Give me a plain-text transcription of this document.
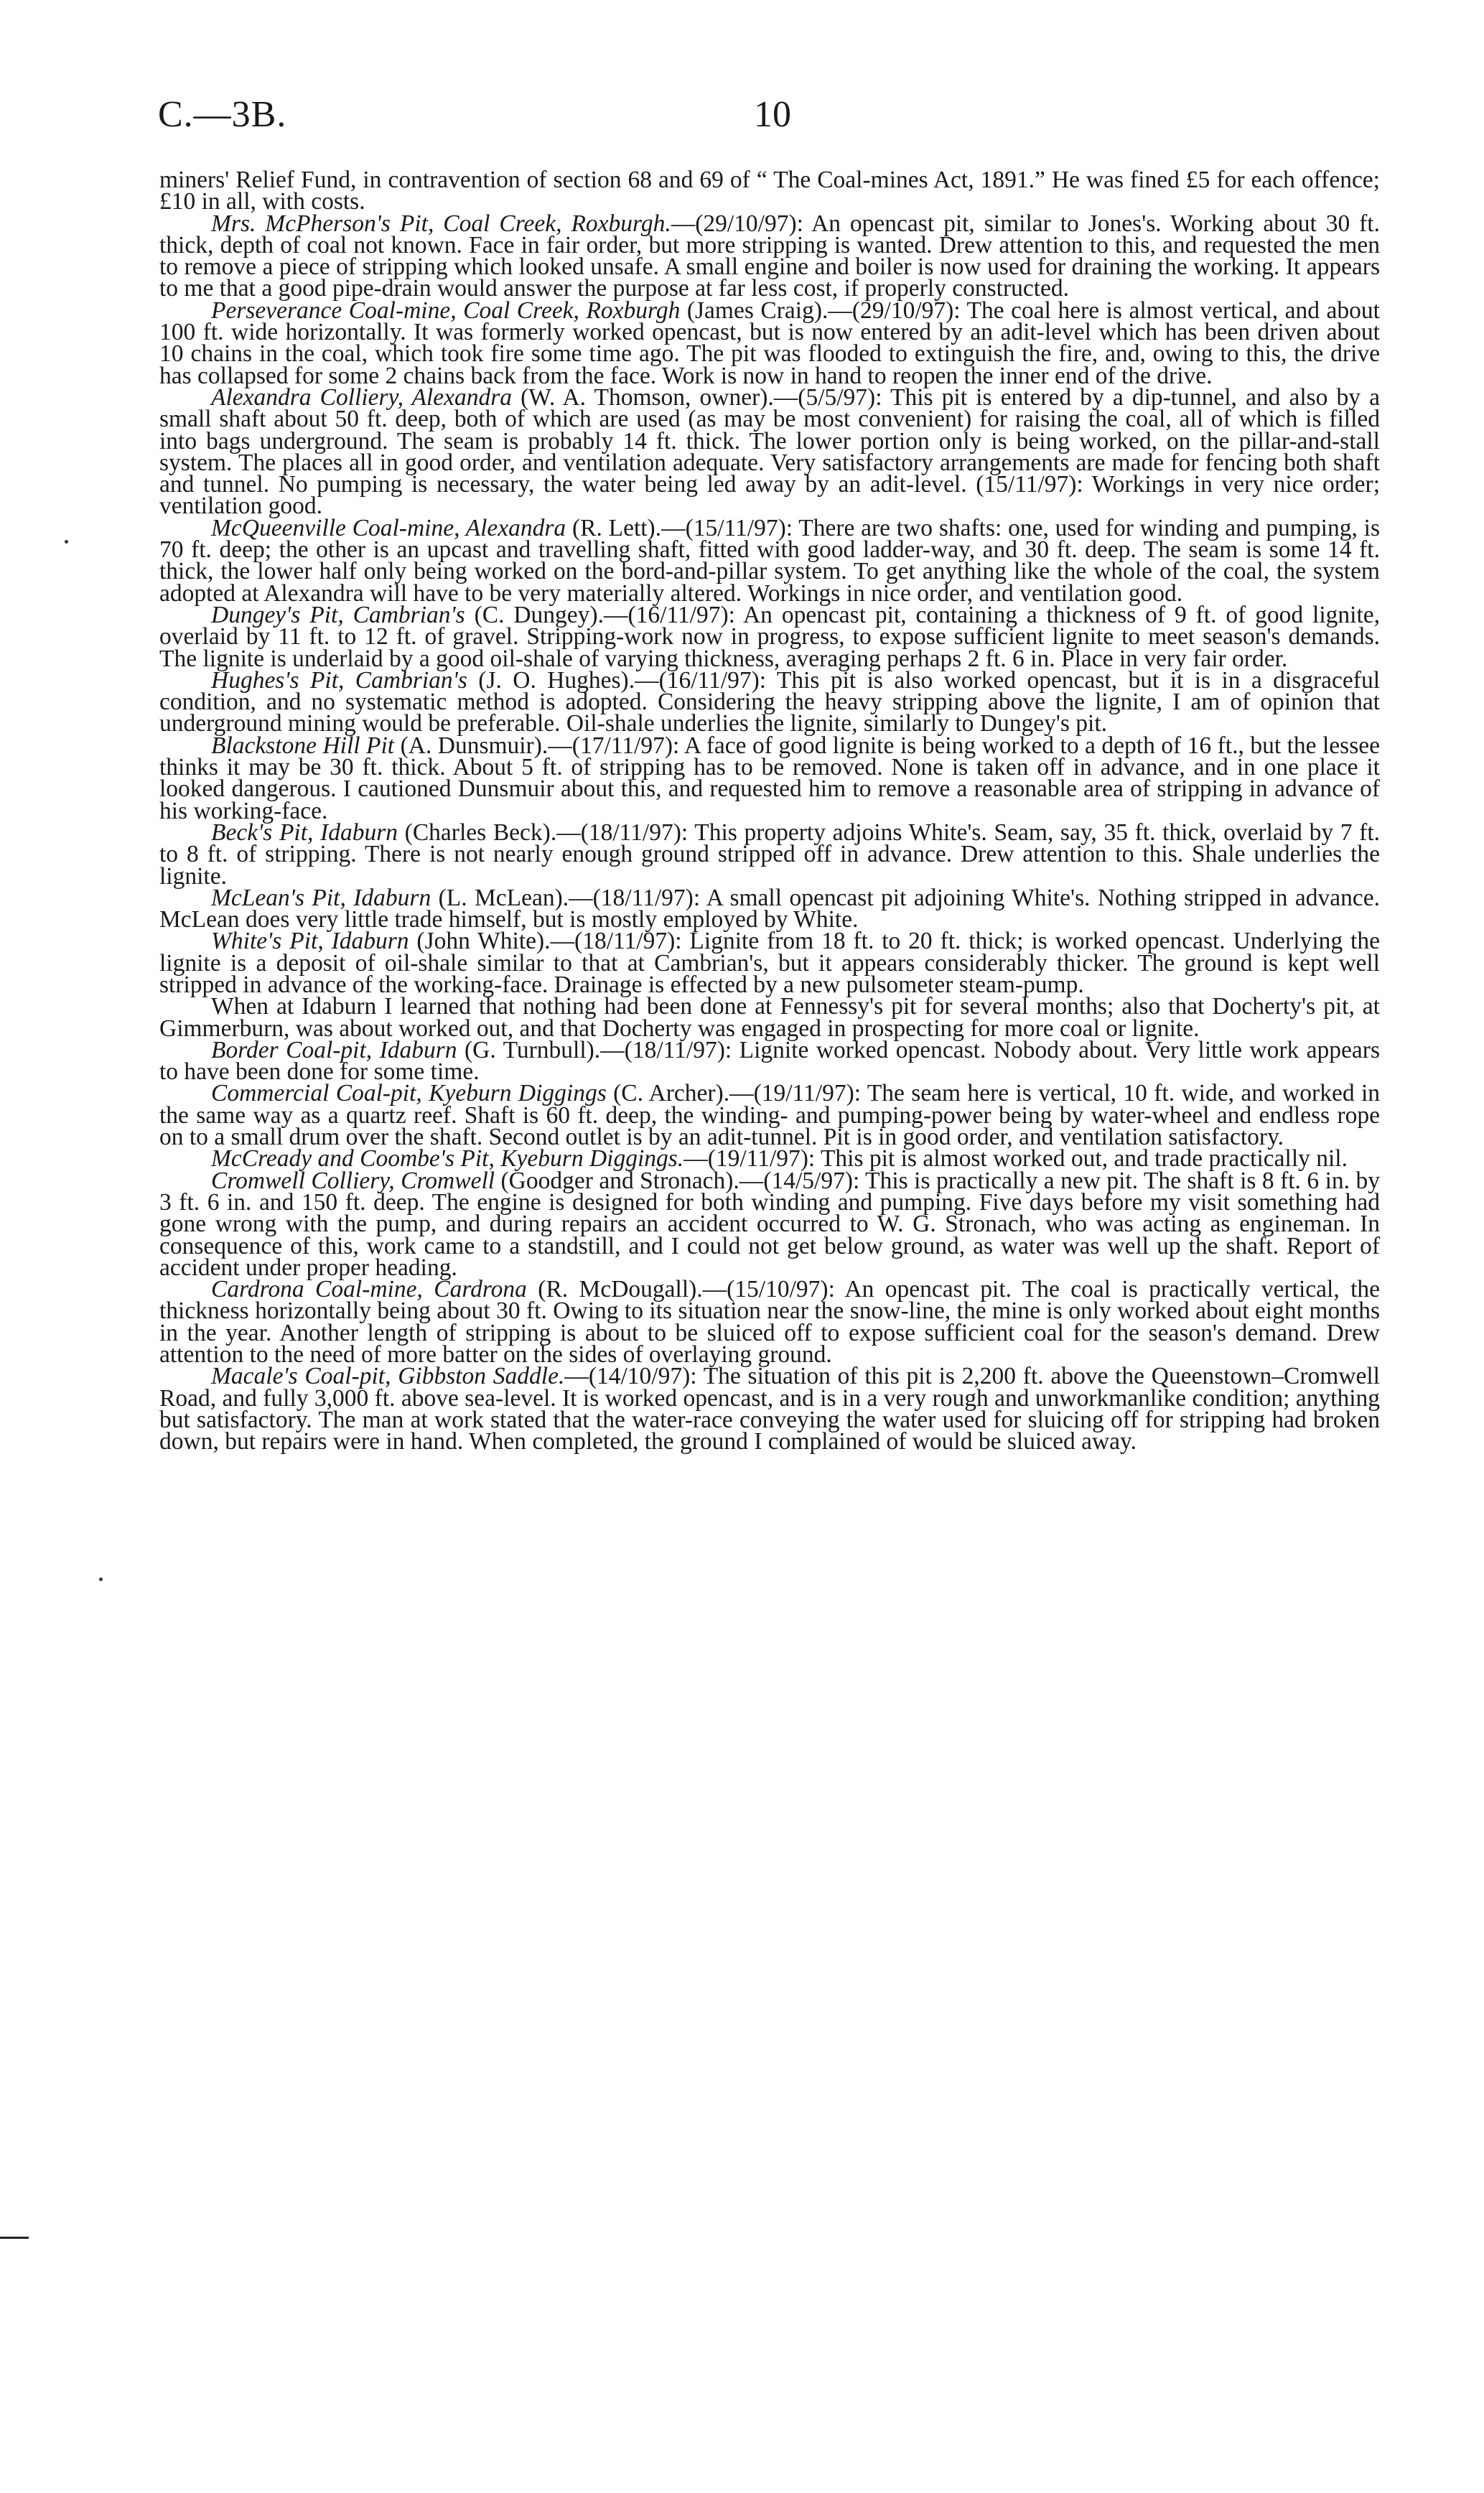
C.—3B.	10

miners' Relief Fund, in contravention of section 68 and 69 of “ The Coal-mines Act, 1891.” He was fined £5 for each offence; £10 in all, with costs.

Mrs. McPherson's Pit, Coal Creek, Roxburgh.—(29/10/97): An opencast pit, similar to Jones's. Working about 30 ft. thick, depth of coal not known. Face in fair order, but more stripping is wanted. Drew attention to this, and requested the men to remove a piece of stripping which looked unsafe. A small engine and boiler is now used for draining the working. It appears to me that a good pipe-drain would answer the purpose at far less cost, if properly constructed.

Perseverance Coal-mine, Coal Creek, Roxburgh (James Craig).—(29/10/97): The coal here is almost vertical, and about 100 ft. wide horizontally. It was formerly worked opencast, but is now entered by an adit-level which has been driven about 10 chains in the coal, which took fire some time ago. The pit was flooded to extinguish the fire, and, owing to this, the drive has collapsed for some 2 chains back from the face. Work is now in hand to reopen the inner end of the drive.

Alexandra Colliery, Alexandra (W. A. Thomson, owner).—(5/5/97): This pit is entered by a dip-tunnel, and also by a small shaft about 50 ft. deep, both of which are used (as may be most convenient) for raising the coal, all of which is filled into bags underground. The seam is probably 14 ft. thick. The lower portion only is being worked, on the pillar-and-stall system. The places all in good order, and ventilation adequate. Very satisfactory arrangements are made for fencing both shaft and tunnel. No pumping is necessary, the water being led away by an adit-level. (15/11/97): Workings in very nice order; ventilation good.

McQueenville Coal-mine, Alexandra (R. Lett).—(15/11/97): There are two shafts: one, used for winding and pumping, is 70 ft. deep; the other is an upcast and travelling shaft, fitted with good ladder-way, and 30 ft. deep. The seam is some 14 ft. thick, the lower half only being worked on the bord-and-pillar system. To get anything like the whole of the coal, the system adopted at Alexandra will have to be very materially altered. Workings in nice order, and ventilation good.

Dungey's Pit, Cambrian's (C. Dungey).—(16/11/97): An opencast pit, containing a thickness of 9 ft. of good lignite, overlaid by 11 ft. to 12 ft. of gravel. Stripping-work now in progress, to expose sufficient lignite to meet season's demands. The lignite is underlaid by a good oil-shale of varying thickness, averaging perhaps 2 ft. 6 in. Place in very fair order.

Hughes's Pit, Cambrian's (J. O. Hughes).—(16/11/97): This pit is also worked opencast, but it is in a disgraceful condition, and no systematic method is adopted. Considering the heavy stripping above the lignite, I am of opinion that underground mining would be preferable. Oil-shale underlies the lignite, similarly to Dungey's pit.

Blackstone Hill Pit (A. Dunsmuir).—(17/11/97): A face of good lignite is being worked to a depth of 16 ft., but the lessee thinks it may be 30 ft. thick. About 5 ft. of stripping has to be removed. None is taken off in advance, and in one place it looked dangerous. I cautioned Dunsmuir about this, and requested him to remove a reasonable area of stripping in advance of his working-face.

Beck's Pit, Idaburn (Charles Beck).—(18/11/97): This property adjoins White's. Seam, say, 35 ft. thick, overlaid by 7 ft. to 8 ft. of stripping. There is not nearly enough ground stripped off in advance. Drew attention to this. Shale underlies the lignite.

McLean's Pit, Idaburn (L. McLean).—(18/11/97): A small opencast pit adjoining White's. Nothing stripped in advance. McLean does very little trade himself, but is mostly employed by White.

White's Pit, Idaburn (John White).—(18/11/97): Lignite from 18 ft. to 20 ft. thick; is worked opencast. Underlying the lignite is a deposit of oil-shale similar to that at Cambrian's, but it appears considerably thicker. The ground is kept well stripped in advance of the working-face. Drainage is effected by a new pulsometer steam-pump.

When at Idaburn I learned that nothing had been done at Fennessy's pit for several months; also that Docherty's pit, at Gimmerburn, was about worked out, and that Docherty was engaged in prospecting for more coal or lignite.

Border Coal-pit, Idaburn (G. Turnbull).—(18/11/97): Lignite worked opencast. Nobody about. Very little work appears to have been done for some time.

Commercial Coal-pit, Kyeburn Diggings (C. Archer).—(19/11/97): The seam here is vertical, 10 ft. wide, and worked in the same way as a quartz reef. Shaft is 60 ft. deep, the winding- and pumping-power being by water-wheel and endless rope on to a small drum over the shaft. Second outlet is by an adit-tunnel. Pit is in good order, and ventilation satisfactory.

McCready and Coombe's Pit, Kyeburn Diggings.—(19/11/97): This pit is almost worked out, and trade practically nil.

Cromwell Colliery, Cromwell (Goodger and Stronach).—(14/5/97): This is practically a new pit. The shaft is 8 ft. 6 in. by 3 ft. 6 in. and 150 ft. deep. The engine is designed for both winding and pumping. Five days before my visit something had gone wrong with the pump, and during repairs an accident occurred to W. G. Stronach, who was acting as engineman. In consequence of this, work came to a standstill, and I could not get below ground, as water was well up the shaft. Report of accident under proper heading.

Cardrona Coal-mine, Cardrona (R. McDougall).—(15/10/97): An opencast pit. The coal is practically vertical, the thickness horizontally being about 30 ft. Owing to its situation near the snow-line, the mine is only worked about eight months in the year. Another length of stripping is about to be sluiced off to expose sufficient coal for the season's demand. Drew attention to the need of more batter on the sides of overlaying ground.

Macale's Coal-pit, Gibbston Saddle.—(14/10/97): The situation of this pit is 2,200 ft. above the Queenstown–Cromwell Road, and fully 3,000 ft. above sea-level. It is worked opencast, and is in a very rough and unworkmanlike condition; anything but satisfactory. The man at work stated that the water-race conveying the water used for sluicing off for stripping had broken down, but repairs were in hand. When completed, the ground I complained of would be sluiced away.
